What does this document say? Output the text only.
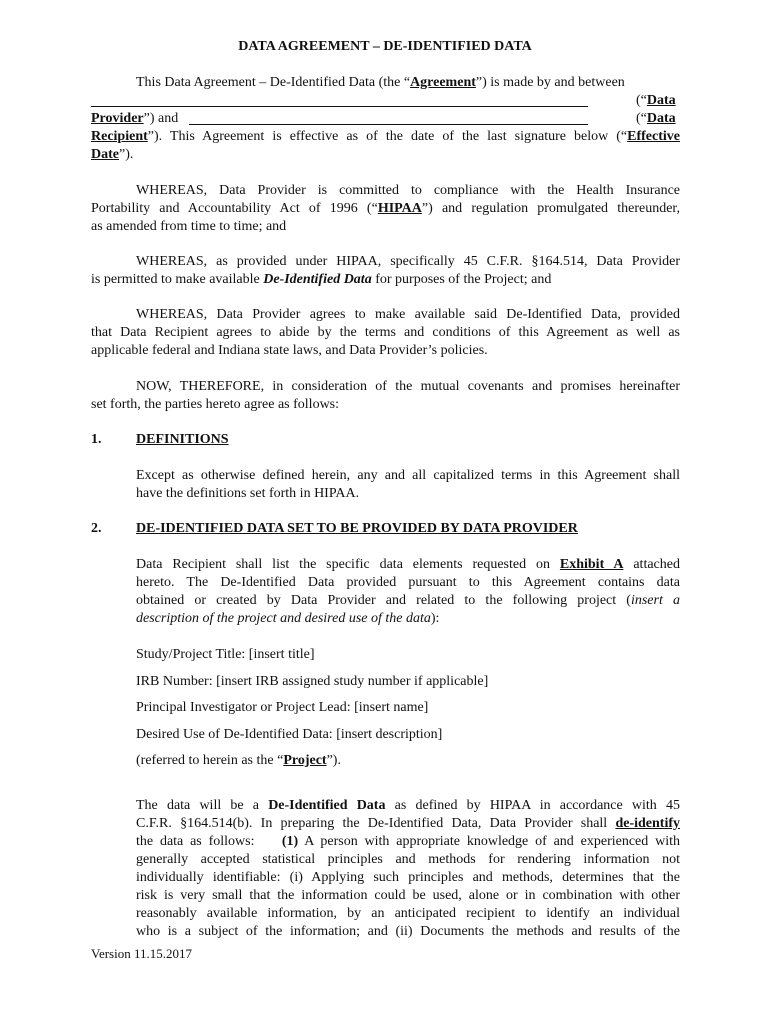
DATA AGREEMENT – DE-IDENTIFIED DATA
This Data Agreement – De-Identified Data (the “Agreement”) is made by and between
(“Data
Provider”) and	(“Data
Recipient”). This Agreement is effective as of the date of the last signature below (“Effective
Date”).
WHEREAS, Data Provider is committed to compliance with the Health Insurance
Portability and Accountability Act of 1996 (“HIPAA”) and regulation promulgated thereunder,
as amended from time to time; and
WHEREAS, as provided under HIPAA, specifically 45 C.F.R. §164.514, Data Provider
is permitted to make available De-Identified Data for purposes of the Project; and
WHEREAS, Data Provider agrees to make available said De-Identified Data, provided
that Data Recipient agrees to abide by the terms and conditions of this Agreement as well as
applicable federal and Indiana state laws, and Data Provider’s policies.
NOW, THEREFORE, in consideration of the mutual covenants and promises hereinafter
set forth, the parties hereto agree as follows:
1. DEFINITIONS
Except as otherwise defined herein, any and all capitalized terms in this Agreement shall
have the definitions set forth in HIPAA.
2. DE-IDENTIFIED DATA SET TO BE PROVIDED BY DATA PROVIDER
Data Recipient shall list the specific data elements requested on Exhibit A attached
hereto. The De-Identified Data provided pursuant to this Agreement contains data
obtained or created by Data Provider and related to the following project (insert a
description of the project and desired use of the data):
Study/Project Title: [insert title]
IRB Number: [insert IRB assigned study number if applicable]
Principal Investigator or Project Lead: [insert name]
Desired Use of De-Identified Data: [insert description]
(referred to herein as the “Project”).
The data will be a De-Identified Data as defined by HIPAA in accordance with 45
C.F.R. §164.514(b). In preparing the De-Identified Data, Data Provider shall de-identify
the data as follows:    (1) A person with appropriate knowledge of and experienced with
generally accepted statistical principles and methods for rendering information not
individually identifiable: (i) Applying such principles and methods, determines that the
risk is very small that the information could be used, alone or in combination with other
reasonably available information, by an anticipated recipient to identify an individual
who is a subject of the information; and (ii) Documents the methods and results of the
Version 11.15.2017
